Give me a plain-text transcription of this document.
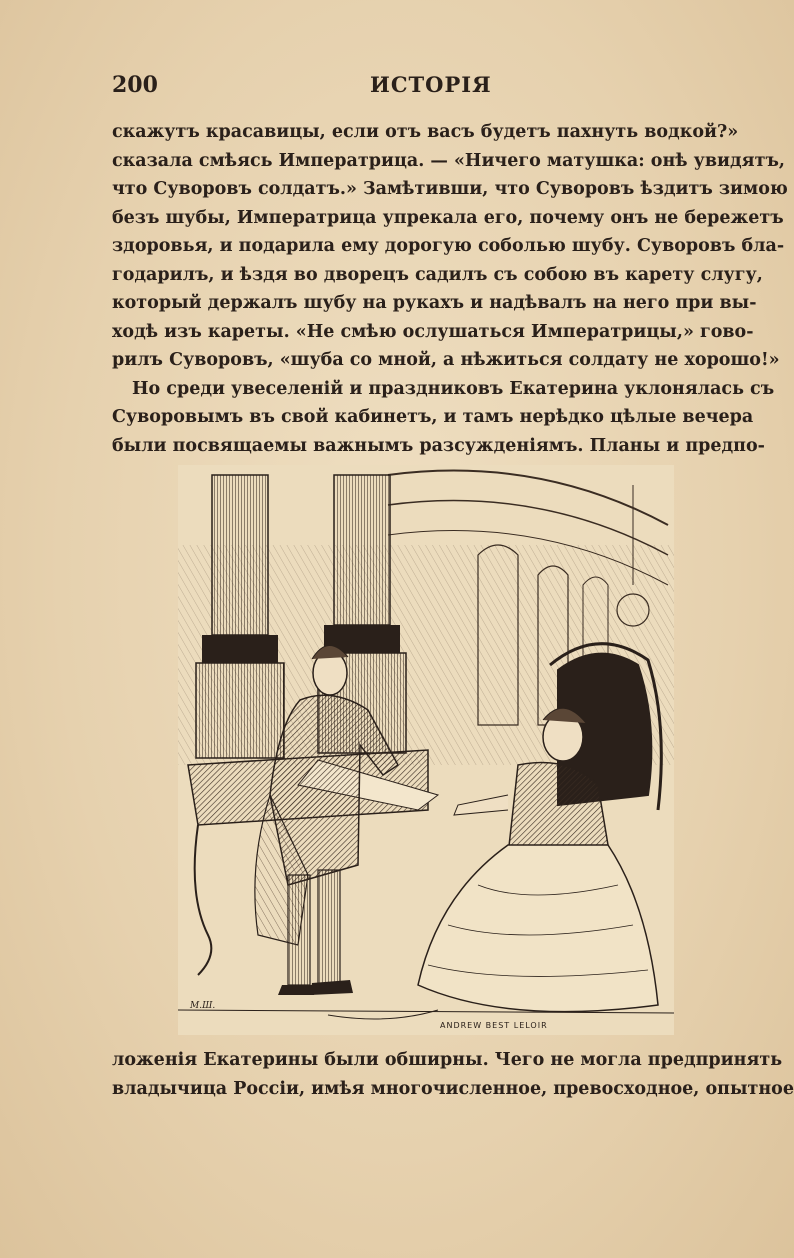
200	ИСТОРІЯ
скажутъ красавицы, если отъ васъ будетъ пахнуть водкой?»
сказала смѣясь Императрица. — «Ничего матушка: онѣ увидятъ,
что Суворовъ солдатъ.» Замѣтивши, что Суворовъ ѣздитъ зимою
безъ шубы, Императрица упрекала его, почему онъ не бережетъ
здоровья, и подарила ему дорогую соболью шубу. Суворовъ бла-
годарилъ, и ѣздя во дворецъ садилъ съ собою въ карету слугу,
который держалъ шубу на рукахъ и надѣвалъ на него при вы-
ходѣ изъ кареты. «Не смѣю ослушаться Императрицы,» гово-
рилъ Суворовъ, «шуба со мной, а нѣжиться солдату не хорошо!»
Но среди увеселеній и праздниковъ Екатерина уклонялась съ
Суворовымъ въ свой кабинетъ, и тамъ нерѣдко цѣлые вечера
были посвящаемы важнымъ разсужденіямъ. Планы и предпо-
M.Ш.
ANDREW BEST LELOIR
ложенія Екатерины были обширны. Чего не могла предпринять
владычица Россіи, имѣя многочисленное, превосходное, опытное
